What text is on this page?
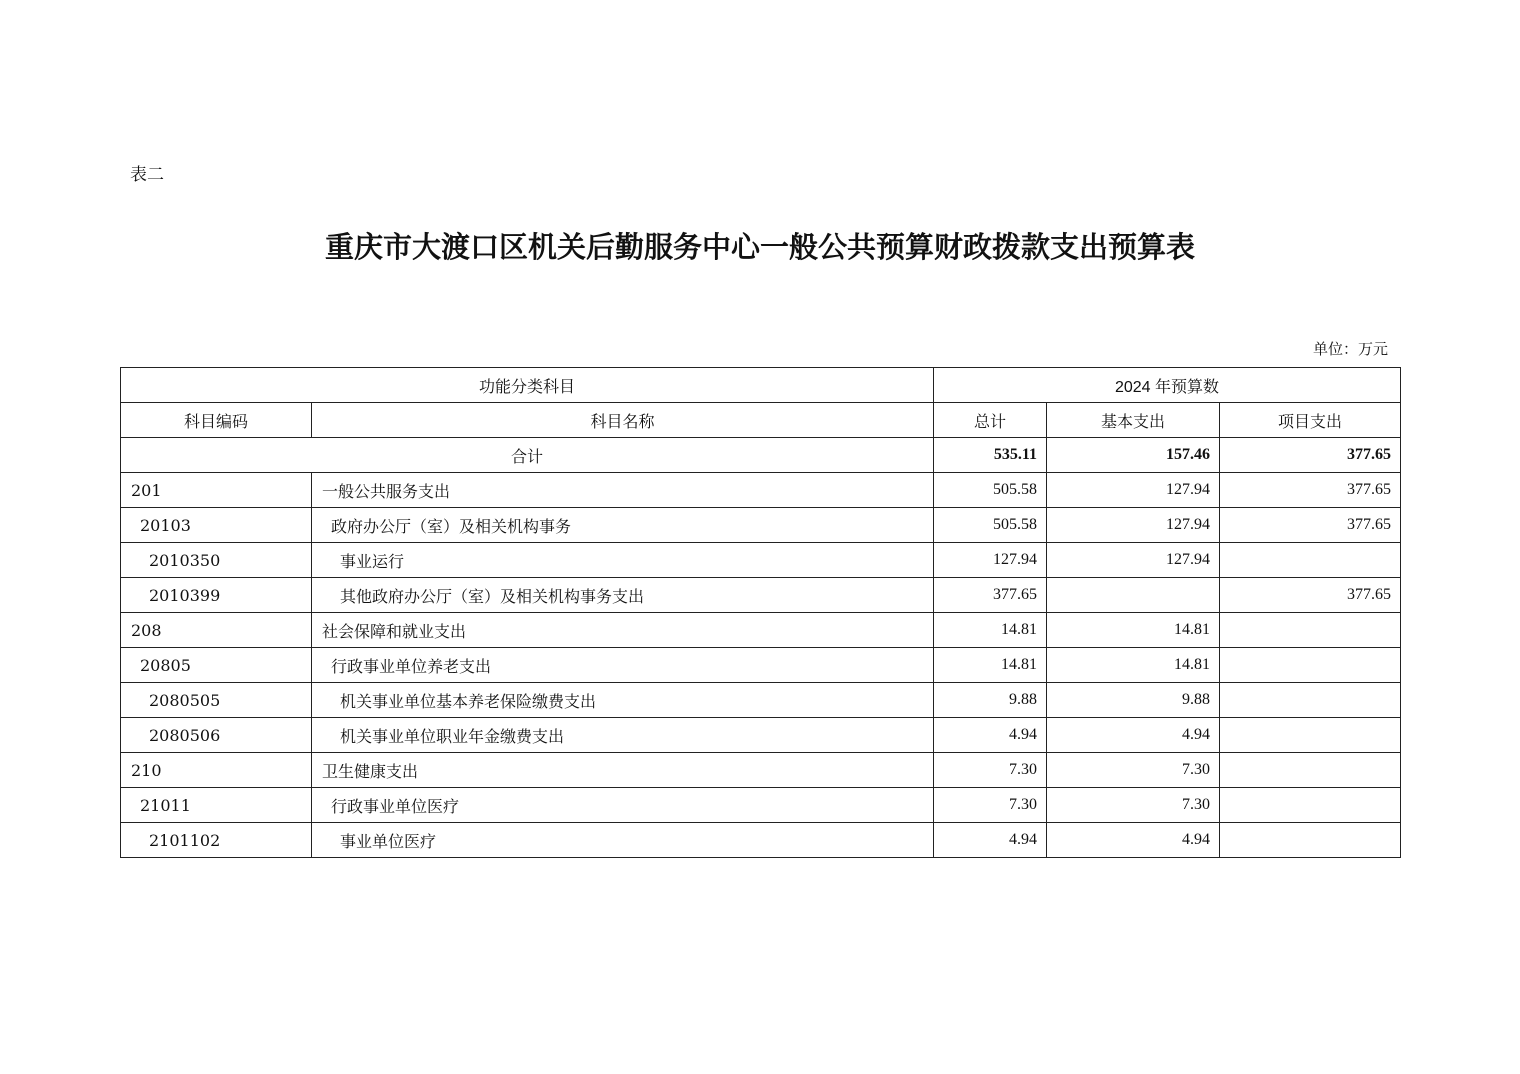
表二
重庆市大渡口区机关后勤服务中心一般公共预算财政拨款支出预算表
单位：万元
功能分类科目		2024 年预算数		
科目编码	科目名称	总计	基本支出	项目支出
合计		535.11	157.46	377.65
201	一般公共服务支出	505.58	127.94	377.65
20103	政府办公厅（室）及相关机构事务	505.58	127.94	377.65
2010350	事业运行	127.94	127.94	
2010399	其他政府办公厅（室）及相关机构事务支出	377.65		377.65
208	社会保障和就业支出	14.81	14.81	
20805	行政事业单位养老支出	14.81	14.81	
2080505	机关事业单位基本养老保险缴费支出	9.88	9.88	
2080506	机关事业单位职业年金缴费支出	4.94	4.94	
210	卫生健康支出	7.30	7.30	
21011	行政事业单位医疗	7.30	7.30	
2101102	事业单位医疗	4.94	4.94	
